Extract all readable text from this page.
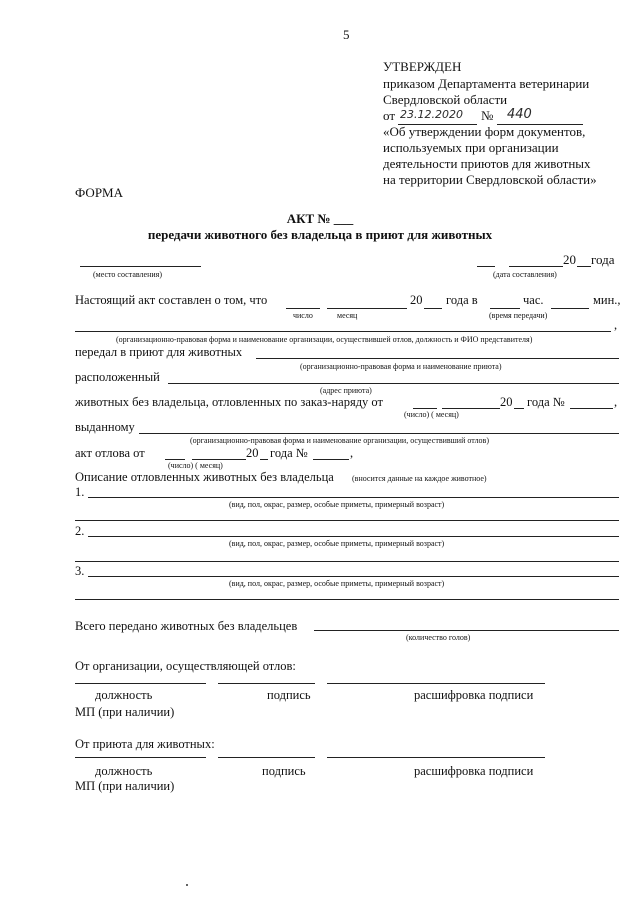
5
УТВЕРЖДЕН
приказом Департамента ветеринарии
Свердловской области
от 23.12.2020 № 440
«Об утверждении форм документов,
используемых при организации
деятельности приютов для животных
на территории Свердловской области»
ФОРМА
АКТ № ___
передачи животного без владельца в приют для животных
(место составления)
20 года
(дата составления)
Настоящий акт составлен о том, что	20 года в	час.	мин.,
число	месяц	(время передачи)
,
(организационно-правовая форма и наименование организации, осуществившей отлов, должность и ФИО представителя)
передал в приют для животных
(организационно-правовая форма и наименование приюта)
расположенный
(адрес приюта)
животных без владельца, отловленных по заказ-наряду от	20 года №	,
(число) ( месяц)
выданному
(организационно-правовая форма и наименование организации, осуществивший отлов)
акт отлова от	20 года №	,
(число) ( месяц)
Описание отловленных животных без владельца (вносится данные на каждое животное)
1.
(вид, пол, окрас, размер, особые приметы, примерный возраст)
2.
(вид, пол, окрас, размер, особые приметы, примерный возраст)
3.
(вид, пол, окрас, размер, особые приметы, примерный возраст)
Всего передано животных без владельцев
(количество голов)
От организации, осуществляющей отлов:
должность	подпись	расшифровка подписи
МП (при наличии)
От приюта для животных:
должность	подпись	расшифровка подписи
МП (при наличии)
